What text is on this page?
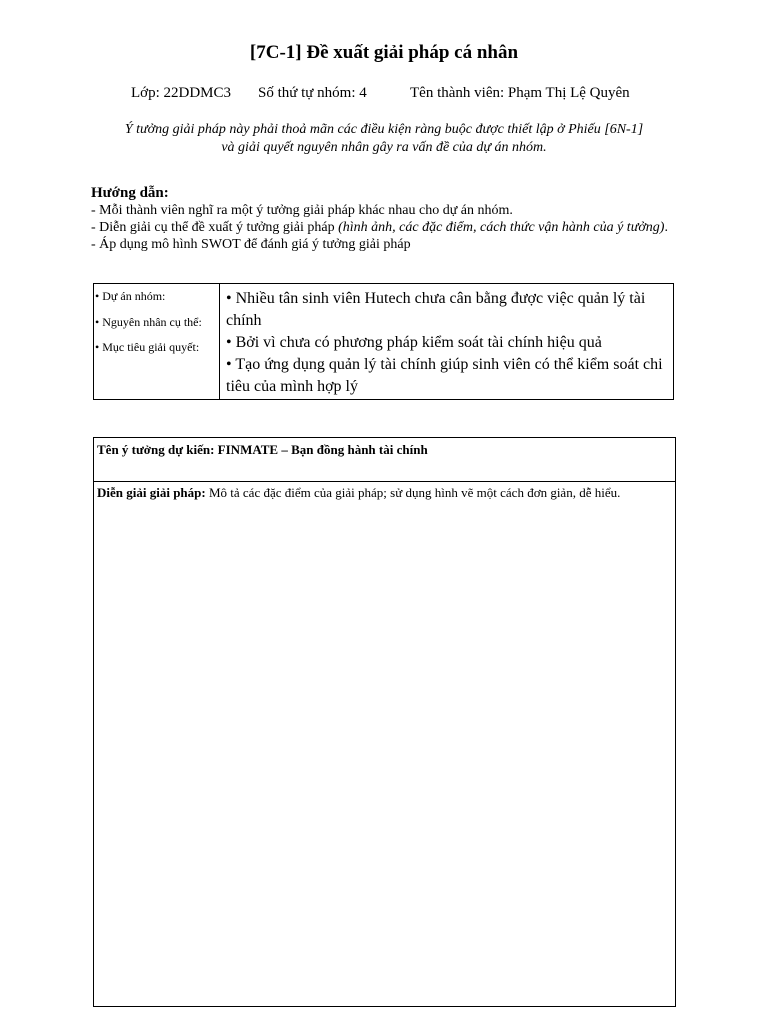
[7C-1] Đề xuất giải pháp cá nhân
Lớp: 22DDMC3 Số thứ tự nhóm: 4	Tên thành viên: Phạm Thị Lệ Quyên
Ý tưởng giải pháp này phải thoả mãn các điều kiện ràng buộc được thiết lập ở Phiếu [6N-1]
và giải quyết nguyên nhân gây ra vấn đề của dự án nhóm.
Hướng dẫn:
- Mỗi thành viên nghĩ ra một ý tưởng giải pháp khác nhau cho dự án nhóm.
- Diễn giải cụ thể đề xuất ý tưởng giải pháp (hình ảnh, các đặc điểm, cách thức vận hành của ý tưởng).
- Áp dụng mô hình SWOT để đánh giá ý tưởng giải pháp
• Dự án nhóm:
• Nguyên nhân cụ thể:
• Mục tiêu giải quyết:
• Nhiều tân sinh viên Hutech chưa cân bằng được việc quản lý tài chính
• Bởi vì chưa có phương pháp kiểm soát tài chính hiệu quả
• Tạo ứng dụng quản lý tài chính giúp sinh viên có thể kiểm soát chi tiêu của mình hợp lý
Tên ý tưởng dự kiến: FINMATE – Bạn đồng hành tài chính
Diễn giải giải pháp: Mô tả các đặc điểm của giải pháp; sử dụng hình vẽ một cách đơn giản, dễ hiểu.
